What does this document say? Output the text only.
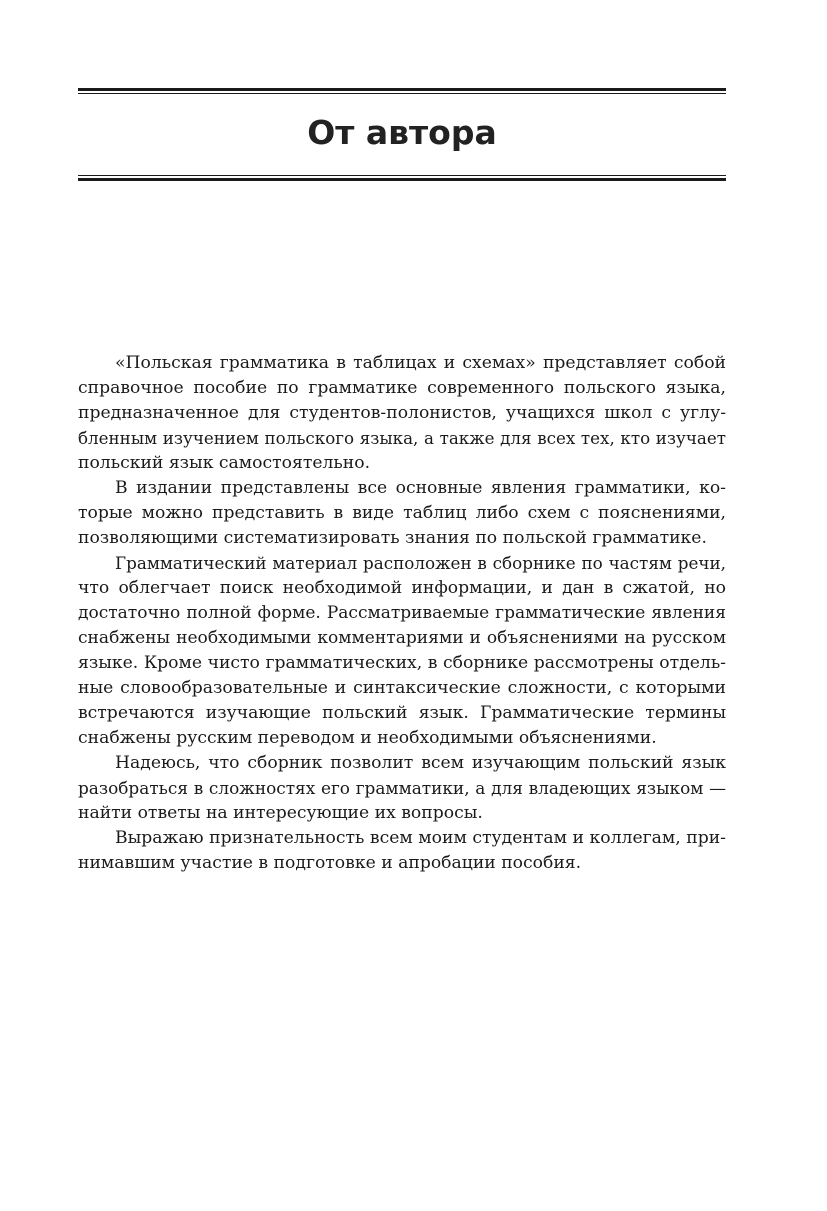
От автора

«Польская грамматика в таблицах и схемах» представляет собой
справочное пособие по грамматике современного польского языка,
предназначенное для студентов-полонистов, учащихся школ с углу-
бленным изучением польского языка, а также для всех тех, кто изучает
польский язык самостоятельно.

В издании представлены все основные явления грамматики, ко-
торые можно представить в виде таблиц либо схем с пояснениями,
позволяющими систематизировать знания по польской грамматике.

Грамматический материал расположен в сборнике по частям речи,
что облегчает поиск необходимой информации, и дан в сжатой, но
достаточно полной форме. Рассматриваемые грамматические явления
снабжены необходимыми комментариями и объяснениями на русском
языке. Кроме чисто грамматических, в сборнике рассмотрены отдель-
ные словообразовательные и синтаксические сложности, с которыми
встречаются изучающие польский язык. Грамматические термины
снабжены русским переводом и необходимыми объяснениями.

Надеюсь, что сборник позволит всем изучающим польский язык
разобраться в сложностях его грамматики, а для владеющих языком —
найти ответы на интересующие их вопросы.

Выражаю признательность всем моим студентам и коллегам, при-
нимавшим участие в подготовке и апробации пособия.
